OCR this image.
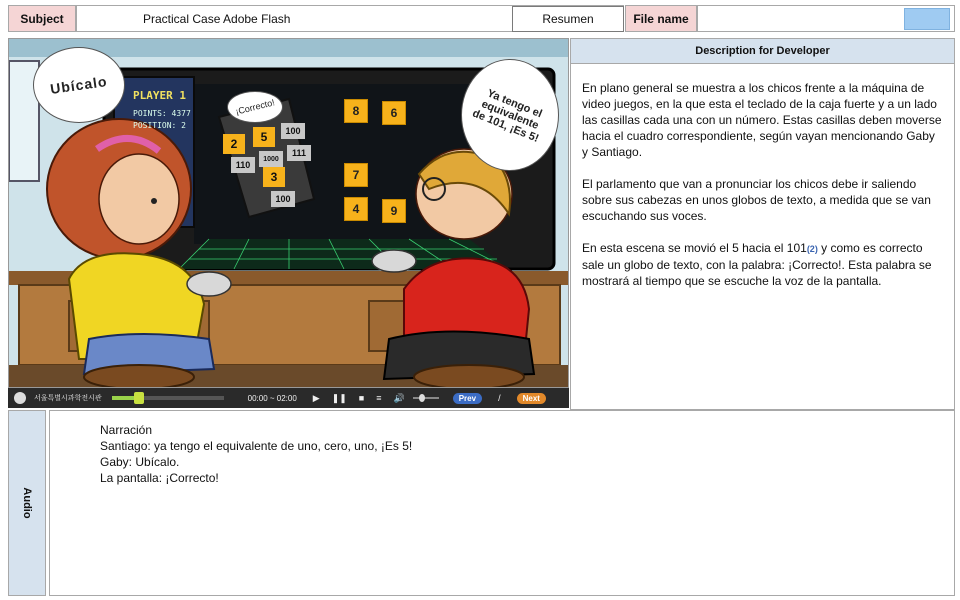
Subject	Practical Case Adobe Flash	Resumen	File name
PLAYER 1
POINTS: 4377
POSITION: 2
2	5	100
110
1000
111
3
100
8	6
7
4	9
Ubícalo
¡Correcto!	Ya tengo el equivalente de 101, ¡Es 5!
서울특별시과학전시관	00:00 ~ 02:00 ▶ ❚❚ ■ ≡ 🔊	Prev	/	Next
Description for Developer

En plano general se muestra a los chicos frente a la máquina de video juegos, en la que esta el teclado de la caja fuerte y a un lado las casillas cada una con un número. Estas casillas deben moverse hacia el cuadro correspondiente, según vayan mencionando Gaby y Santiago.

El parlamento que van a pronunciar los chicos debe ir saliendo sobre sus cabezas en unos globos de texto, a medida que se van escuchando sus voces.

En esta escena se movió el 5 hacia el 101(2) y como es correcto sale un globo de texto, con la palabra: ¡Correcto!. Esta palabra se mostrará al tiempo que se escuche la voz de la pantalla.

Audio
Narración
Santiago: ya tengo el equivalente de uno, cero, uno, ¡Es 5!
Gaby: Ubícalo.
La pantalla: ¡Correcto!
